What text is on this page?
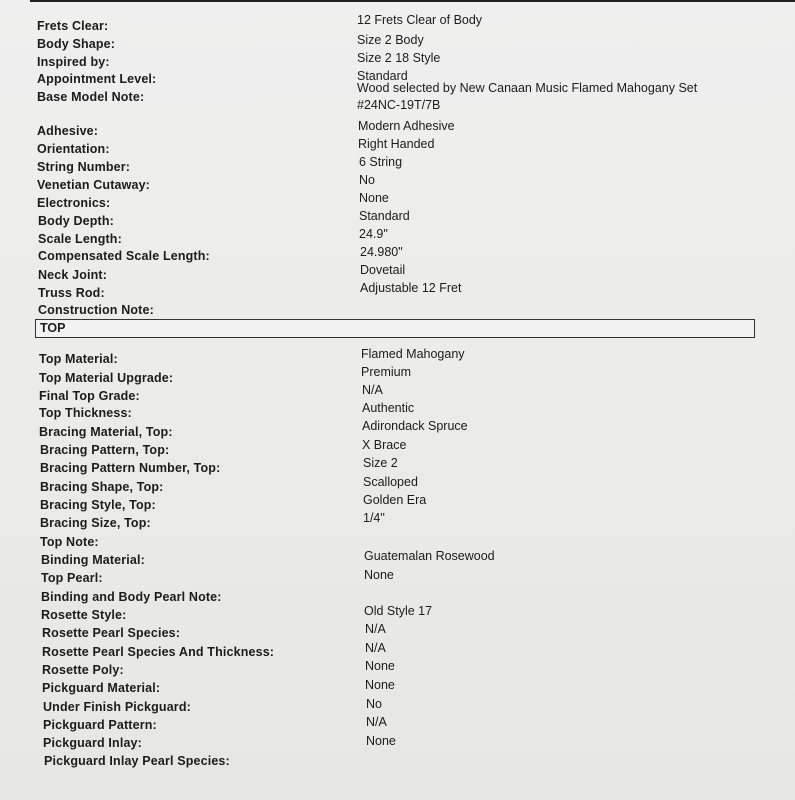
Frets Clear:	12 Frets Clear of Body
Body Shape:	Size 2 Body
Inspired by:	Size 2 18 Style
Appointment Level:	Standard
Base Model Note:
Wood selected by New Canaan Music Flamed Mahogany Set #24NC-19T/7B
Adhesive:	Modern Adhesive
Orientation:	Right Handed
String Number:	6 String
Venetian Cutaway:	No
Electronics:	None
Body Depth:	Standard
Scale Length:	24.9"
Compensated Scale Length:	24.980"
Neck Joint:	Dovetail
Truss Rod:	Adjustable 12 Fret
Construction Note:
TOP
Top Material:	Flamed Mahogany
Top Material Upgrade:	Premium
Final Top Grade:	N/A
Top Thickness:	Authentic
Bracing Material, Top:	Adirondack Spruce
Bracing Pattern, Top:	X Brace
Bracing Pattern Number, Top:	Size 2
Bracing Shape, Top:	Scalloped
Bracing Style, Top:	Golden Era
Bracing Size, Top:	1/4"
Top Note:
Binding Material:	Guatemalan Rosewood
Top Pearl:	None
Binding and Body Pearl Note:
Rosette Style:	Old Style 17
Rosette Pearl Species:	N/A
Rosette Pearl Species And Thickness:	N/A
Rosette Poly:	None
Pickguard Material:	None
Under Finish Pickguard:	No
Pickguard Pattern:	N/A
Pickguard Inlay:	None
Pickguard Inlay Pearl Species:
